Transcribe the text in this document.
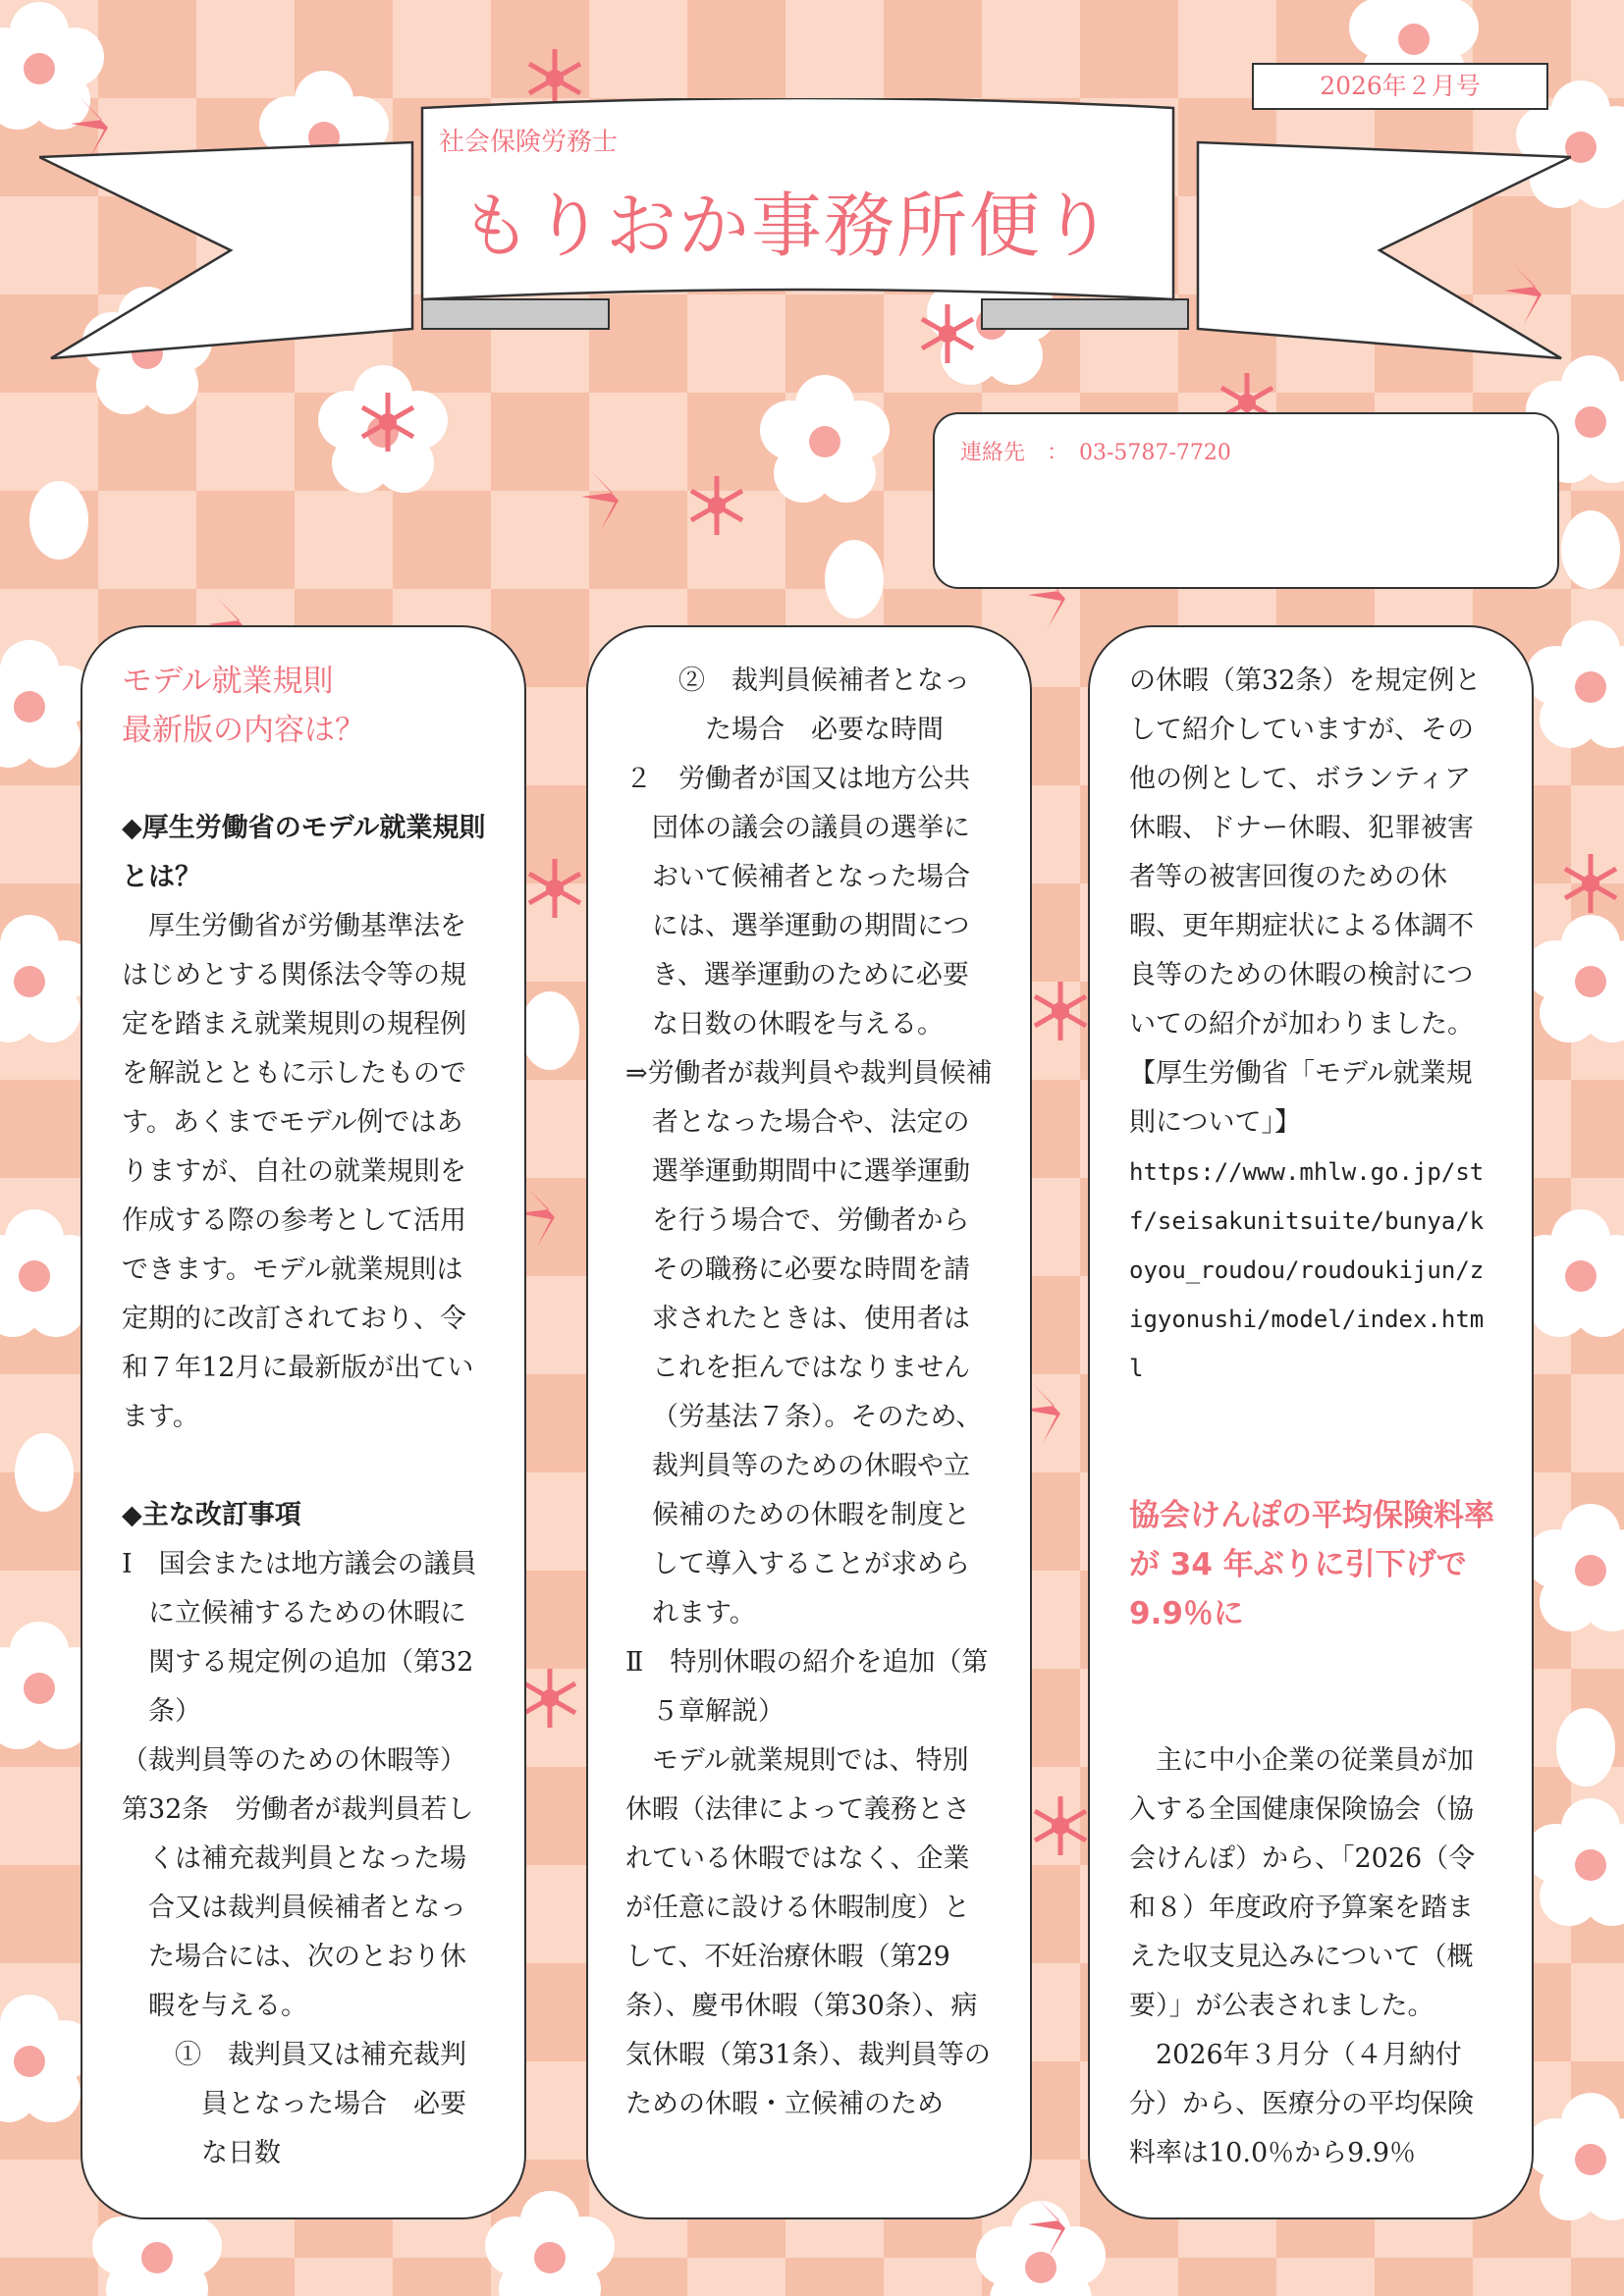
2026年２月号
社会保険労務士
もりおか事務所便り
連絡先　：　03-5787-7720

モデル就業規則

最新版の内容は？

◆厚生労働省のモデル就業規則とは？

厚生労働省が労働基準法をはじめとする関係法令等の規定を踏まえ就業規則の規程例を解説とともに示したものです。あくまでモデル例ではありますが、自社の就業規則を作成する際の参考として活用できます。モデル就業規則は定期的に改訂されており、令和７年12月に最新版が出ています。

◆主な改訂事項

Ⅰ　国会または地方議会の議員に立候補するための休暇に関する規定例の追加（第32条）

（裁判員等のための休暇等）

第32条　労働者が裁判員若しくは補充裁判員となった場合又は裁判員候補者となった場合には、次のとおり休暇を与える。

①　裁判員又は補充裁判員となった場合　必要な日数

②　裁判員候補者となった場合　必要な時間

２　労働者が国又は地方公共団体の議会の議員の選挙において候補者となった場合には、選挙運動の期間につき、選挙運動のために必要な日数の休暇を与える。

⇒労働者が裁判員や裁判員候補者となった場合や、法定の選挙運動期間中に選挙運動を行う場合で、労働者からその職務に必要な時間を請求されたときは、使用者はこれを拒んではなりません（労基法７条）。そのため、裁判員等のための休暇や立候補のための休暇を制度として導入することが求められます。

Ⅱ　特別休暇の紹介を追加（第５章解説）

モデル就業規則では、特別休暇（法律によって義務とされている休暇ではなく、企業が任意に設ける休暇制度）として、不妊治療休暇（第29条）、慶弔休暇（第30条）、病気休暇（第31条）、裁判員等のための休暇・立候補のため

の休暇（第32条）を規定例として紹介していますが、その他の例として、ボランティア休暇、ドナー休暇、犯罪被害者等の被害回復のための休暇、更年期症状による体調不良等のための休暇の検討についての紹介が加わりました。

【厚生労働省「モデル就業規則について」】

https://www.mhlw.go.jp/stf/seisakunitsuite/bunya/koyou_roudou/roudoukijun/zigyonushi/model/index.html

協会けんぽの平均保険料率が 34 年ぶりに引下げで 9.9％に

主に中小企業の従業員が加入する全国健康保険協会（協会けんぽ）から、「2026（令和８）年度政府予算案を踏まえた収支見込みについて（概要）」が公表されました。

2026年３月分（４月納付分）から、医療分の平均保険料率は10.0％から9.9％
